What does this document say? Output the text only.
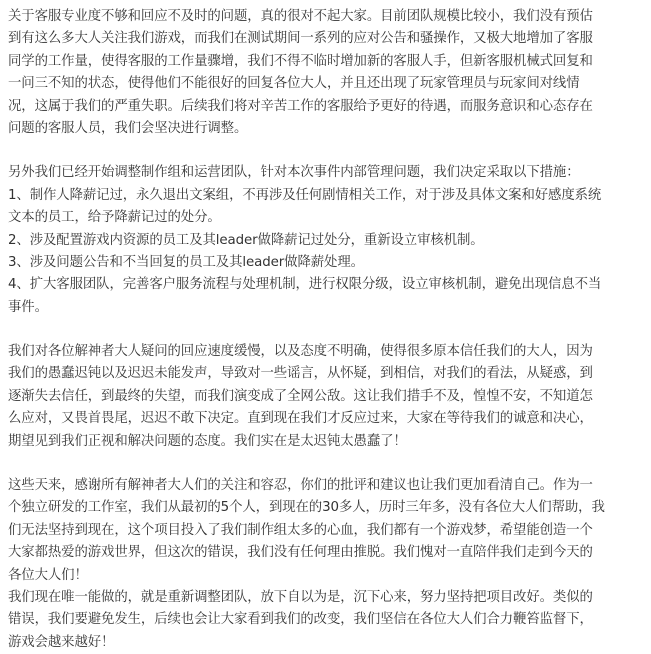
关于客服专业度不够和回应不及时的问题，真的很对不起大家。目前团队规模比较小，我们没有预估
到有这么多大人关注我们游戏，而我们在测试期间一系列的应对公告和骚操作，又极大地增加了客服
同学的工作量，使得客服的工作量骤增，我们不得不临时增加新的客服人手，但新客服机械式回复和
一问三不知的状态，使得他们不能很好的回复各位大人，并且还出现了玩家管理员与玩家间对线情
况，这属于我们的严重失职。后续我们将对辛苦工作的客服给予更好的待遇，而服务意识和心态存在
问题的客服人员，我们会坚决进行调整。
另外我们已经开始调整制作组和运营团队，针对本次事件内部管理问题，我们决定采取以下措施：
1、制作人降薪记过，永久退出文案组，不再涉及任何剧情相关工作，对于涉及具体文案和好感度系统
文本的员工，给予降薪记过的处分。
2、涉及配置游戏内资源的员工及其leader做降薪记过处分，重新设立审核机制。
3、涉及问题公告和不当回复的员工及其leader做降薪处理。
4、扩大客服团队，完善客户服务流程与处理机制，进行权限分级，设立审核机制，避免出现信息不当
事件。
我们对各位解神者大人疑问的回应速度缓慢，以及态度不明确，使得很多原本信任我们的大人，因为
我们的愚蠢迟钝以及迟迟未能发声，导致对一些谣言，从怀疑，到相信，对我们的看法，从疑惑，到
逐渐失去信任，到最终的失望，而我们演变成了全网公敌。这让我们措手不及，惶惶不安，不知道怎
么应对，又畏首畏尾，迟迟不敢下决定。直到现在我们才反应过来，大家在等待我们的诚意和决心，
期望见到我们正视和解决问题的态度。我们实在是太迟钝太愚蠢了！
这些天来，感谢所有解神者大人们的关注和容忍，你们的批评和建议也让我们更加看清自己。作为一
个独立研发的工作室，我们从最初的5个人，到现在的30多人，历时三年多，没有各位大人们帮助，我
们无法坚持到现在，这个项目投入了我们制作组太多的心血，我们都有一个游戏梦，希望能创造一个
大家都热爱的游戏世界，但这次的错误，我们没有任何理由推脱。我们愧对一直陪伴我们走到今天的
各位大人们！
我们现在唯一能做的，就是重新调整团队，放下自以为是，沉下心来，努力坚持把项目改好。类似的
错误，我们要避免发生，后续也会让大家看到我们的改变，我们坚信在各位大人们合力鞭笞监督下，
游戏会越来越好！
